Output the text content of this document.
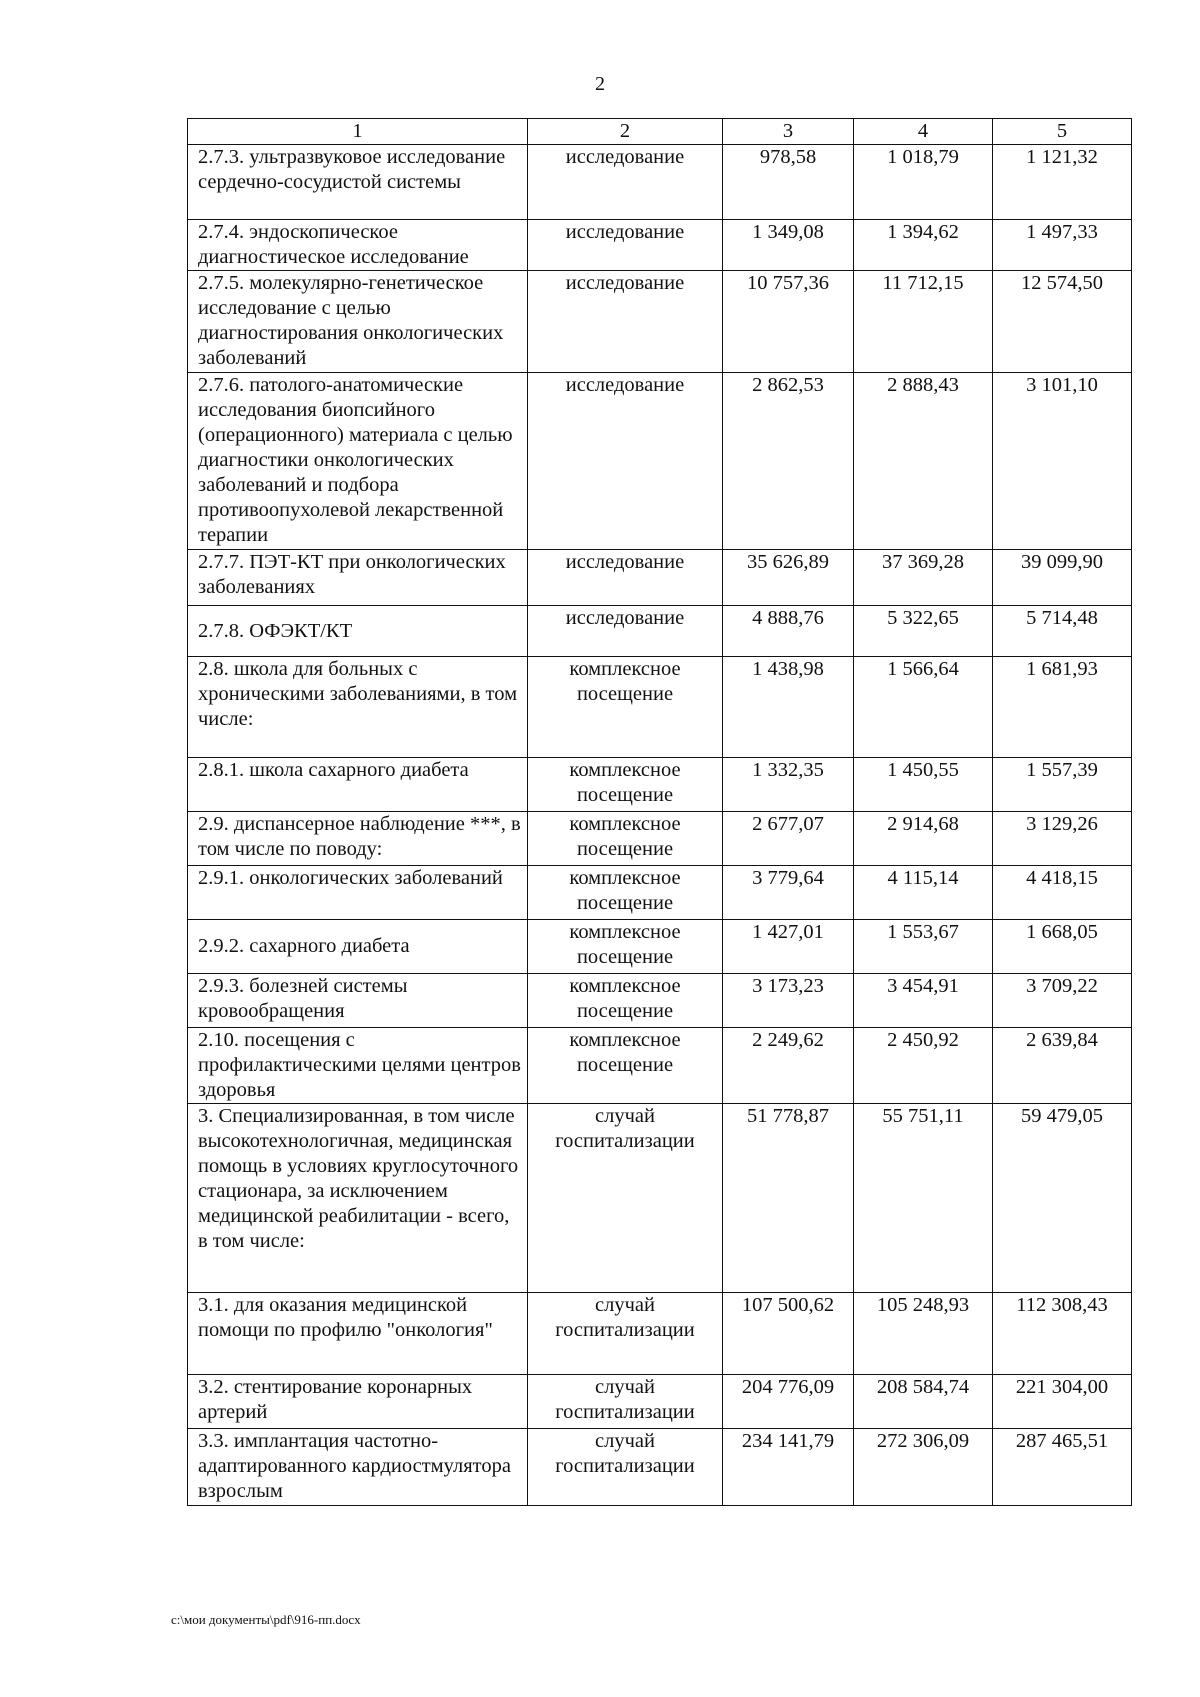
2
1	2	3	4	5
2.7.3. ультразвуковое исследование сердечно-сосудистой системы	исследование	978,58	1 018,79	1 121,32
2.7.4. эндоскопическое диагностическое исследование	исследование	1 349,08	1 394,62	1 497,33
2.7.5. молекулярно-генетическое исследование с целью диагностирования онкологических заболеваний	исследование	10 757,36	11 712,15	12 574,50
2.7.6. патолого-анатомические исследования биопсийного (операционного) материала с целью диагностики онкологических заболеваний и подбора противоопухолевой лекарственной терапии	исследование	2 862,53	2 888,43	3 101,10
2.7.7. ПЭТ-КТ при онкологических заболеваниях	исследование	35 626,89	37 369,28	39 099,90
2.7.8. ОФЭКТ/КТ	исследование	4 888,76	5 322,65	5 714,48
2.8. школа для больных с хроническими заболеваниями, в том числе:	комплексное посещение	1 438,98	1 566,64	1 681,93
2.8.1. школа сахарного диабета	комплексное посещение	1 332,35	1 450,55	1 557,39
2.9. диспансерное наблюдение ***, в том числе по поводу:	комплексное посещение	2 677,07	2 914,68	3 129,26
2.9.1. онкологических заболеваний	комплексное посещение	3 779,64	4 115,14	4 418,15
2.9.2. сахарного диабета	комплексное посещение	1 427,01	1 553,67	1 668,05
2.9.3. болезней системы кровообращения	комплексное посещение	3 173,23	3 454,91	3 709,22
2.10. посещения с профилактическими целями центров здоровья	комплексное посещение	2 249,62	2 450,92	2 639,84
3. Специализированная, в том числе высокотехнологичная, медицинская помощь в условиях круглосуточного стационара, за исключением медицинской реабилитации - всего, в том числе:	случай госпитализации	51 778,87	55 751,11	59 479,05
3.1. для оказания медицинской помощи по профилю "онкология"	случай госпитализации	107 500,62	105 248,93	112 308,43
3.2. стентирование коронарных артерий	случай госпитализации	204 776,09	208 584,74	221 304,00
3.3. имплантация частотно-адаптированного кардиостмулятора взрослым	случай госпитализации	234 141,79	272 306,09	287 465,51
c:\мои документы\pdf\916-пп.docx
